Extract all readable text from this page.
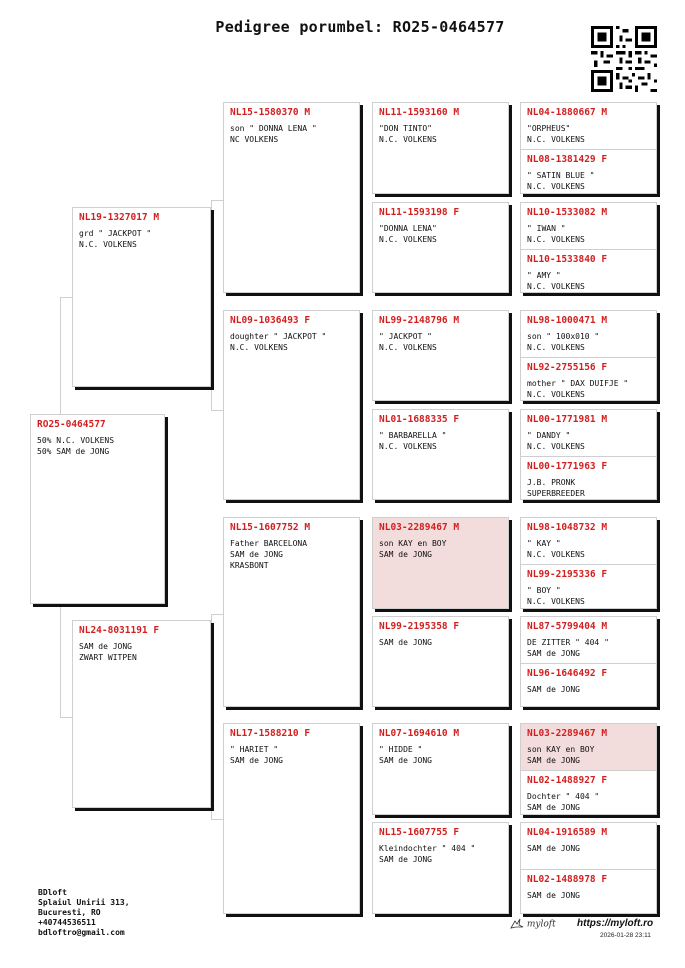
Pedigree porumbel: RO25-0464577
RO25-0464577
50% N.C. VOLKENS
50% SAM de JONG
NL19-1327017 M
grd " JACKPOT "
N.C. VOLKENS
NL24-8031191 F
SAM de JONG
ZWART WITPEN
NL15-1580370 M
son " DONNA LENA "
NC VOLKENS
NL09-1036493 F
doughter " JACKPOT "
N.C. VOLKENS
NL15-1607752 M
Father BARCELONA
SAM de JONG
KRASBONT
NL17-1588210 F
" HARIET "
SAM de JONG
NL11-1593160 M
"DON TINTO"
N.C. VOLKENS
NL11-1593198 F
"DONNA LENA"
N.C. VOLKENS
NL99-2148796 M
" JACKPOT "
N.C. VOLKENS
NL01-1688335 F
" BARBARELLA "
N.C. VOLKENS
NL03-2289467 M
son KAY en BOY
SAM de JONG
NL99-2195358 F
SAM de JONG
NL07-1694610 M
" HIDDE "
SAM de JONG
NL15-1607755 F
Kleindochter " 404 "
SAM de JONG
NL04-1880667 M
"ORPHEUS"
N.C. VOLKENS
NL08-1381429 F
" SATIN BLUE "
N.C. VOLKENS
NL10-1533082 M
" IWAN "
N.C. VOLKENS
NL10-1533840 F
" AMY "
N.C. VOLKENS
NL98-1000471 M
son " 100x010 "
N.C. VOLKENS
NL92-2755156 F
mother " DAX DUIFJE "
N.C. VOLKENS
NL00-1771981 M
" DANDY "
N.C. VOLKENS
NL00-1771963 F
J.B. PRONK
SUPERBREEDER
NL98-1048732 M
" KAY "
N.C. VOLKENS
NL99-2195336 F
" BOY "
N.C. VOLKENS
NL87-5799404 M
DE ZITTER " 404 "
SAM de JONG
NL96-1646492 F
SAM de JONG
NL03-2289467 M
son KAY en BOY
SAM de JONG
NL02-1488927 F
Dochter " 404 "
SAM de JONG
NL04-1916589 M
SAM de JONG
NL02-1488978 F
SAM de JONG
BDloft
Splaiul Unirii 313,
Bucuresti, RO
+40744536511
bdloftro@gmail.com
myloft https://myloft.ro
2026-01-28 23:11
